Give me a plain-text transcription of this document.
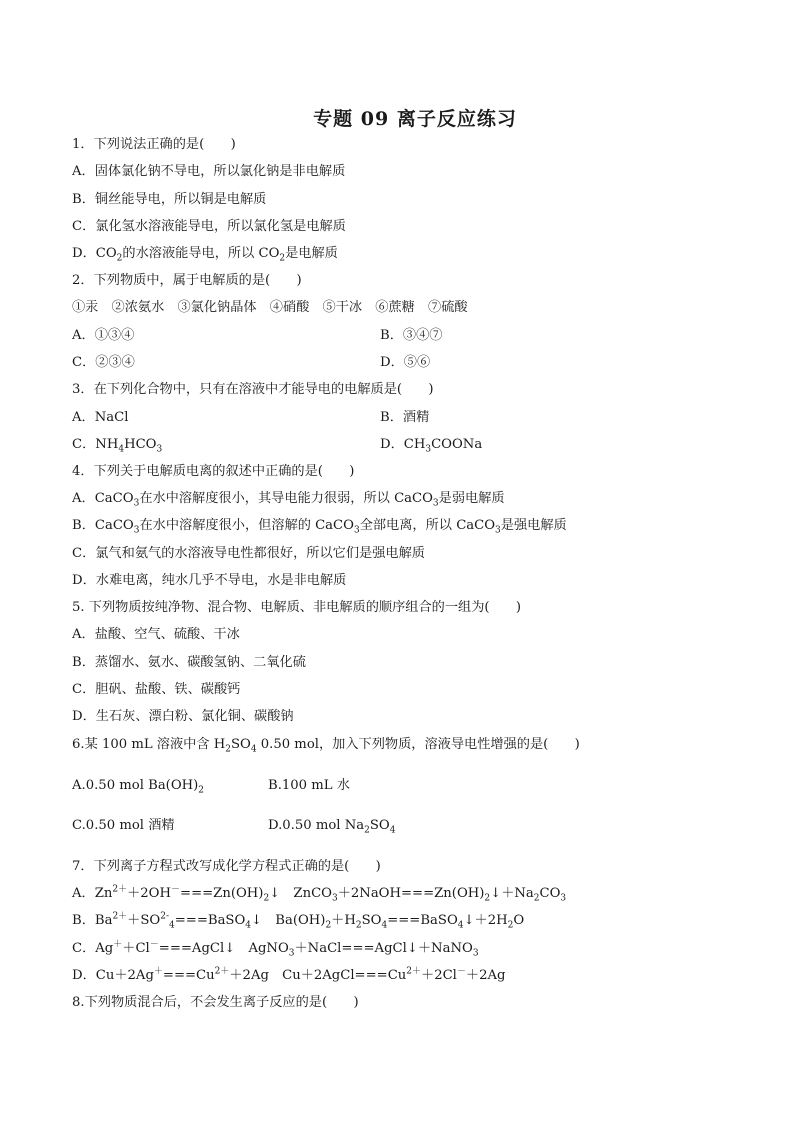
专题 09 离子反应练习
1．下列说法正确的是(　　)
A．固体氯化钠不导电，所以氯化钠是非电解质
B．铜丝能导电，所以铜是电解质
C．氯化氢水溶液能导电，所以氯化氢是电解质
D．$CO_2$的水溶液能导电，所以 $CO_2$是电解质
2．下列物质中，属于电解质的是(　　)
①汞　②浓氨水　③氯化钠晶体　④硝酸　⑤干冰　⑥蔗糖　⑦硫酸
A．①③④	B．③④⑦
C．②③④	D．⑤⑥
3．在下列化合物中，只有在溶液中才能导电的电解质是(　　)
A．NaCl	B．酒精
C．$NH_4HCO_3$	D．$CH_3COONa$
4．下列关于电解质电离的叙述中正确的是(　　)
A．CaCO$_3$在水中溶解度很小，其导电能力很弱，所以 CaCO$_3$是弱电解质
B．CaCO$_3$在水中溶解度很小，但溶解的 CaCO$_3$全部电离，所以 CaCO$_3$是强电解质
C．氯气和氨气的水溶液导电性都很好，所以它们是强电解质
D．水难电离，纯水几乎不导电，水是非电解质
5. 下列物质按纯净物、混合物、电解质、非电解质的顺序组合的一组为(　　)
A．盐酸、空气、硫酸、干冰
B．蒸馏水、氨水、碳酸氢钠、二氧化硫
C．胆矾、盐酸、铁、碳酸钙
D．生石灰、漂白粉、氯化铜、碳酸钠
6.某 100 mL 溶液中含 $H_2SO_4$ 0.50 mol，加入下列物质，溶液导电性增强的是(　　)
A.0.50 mol $Ba(OH)_2$	B.100 mL 水
C.0.50 mol 酒精	D.0.50 mol $Na_2SO_4$
7．下列离子方程式改写成化学方程式正确的是(　　)
A．$Zn^{2+}+2OH^-===Zn(OH)_2↓$　$ZnCO_3+2NaOH===Zn(OH)_2↓+Na_2CO_3$
B．$Ba^{2+}+SO^{2-}_4===BaSO_4↓$　$Ba(OH)_2+H_2SO_4===BaSO_4↓+2H_2O$
C．Ag＋＋Cl－===AgCl↓　AgNO$_3$＋NaCl===AgCl↓＋NaNO$_3$
D．$Cu+2Ag^+===Cu^{2+}+2Ag$　$Cu+2AgCl===Cu^{2+}+2Cl^-+2Ag$
8.下列物质混合后，不会发生离子反应的是(　　)
